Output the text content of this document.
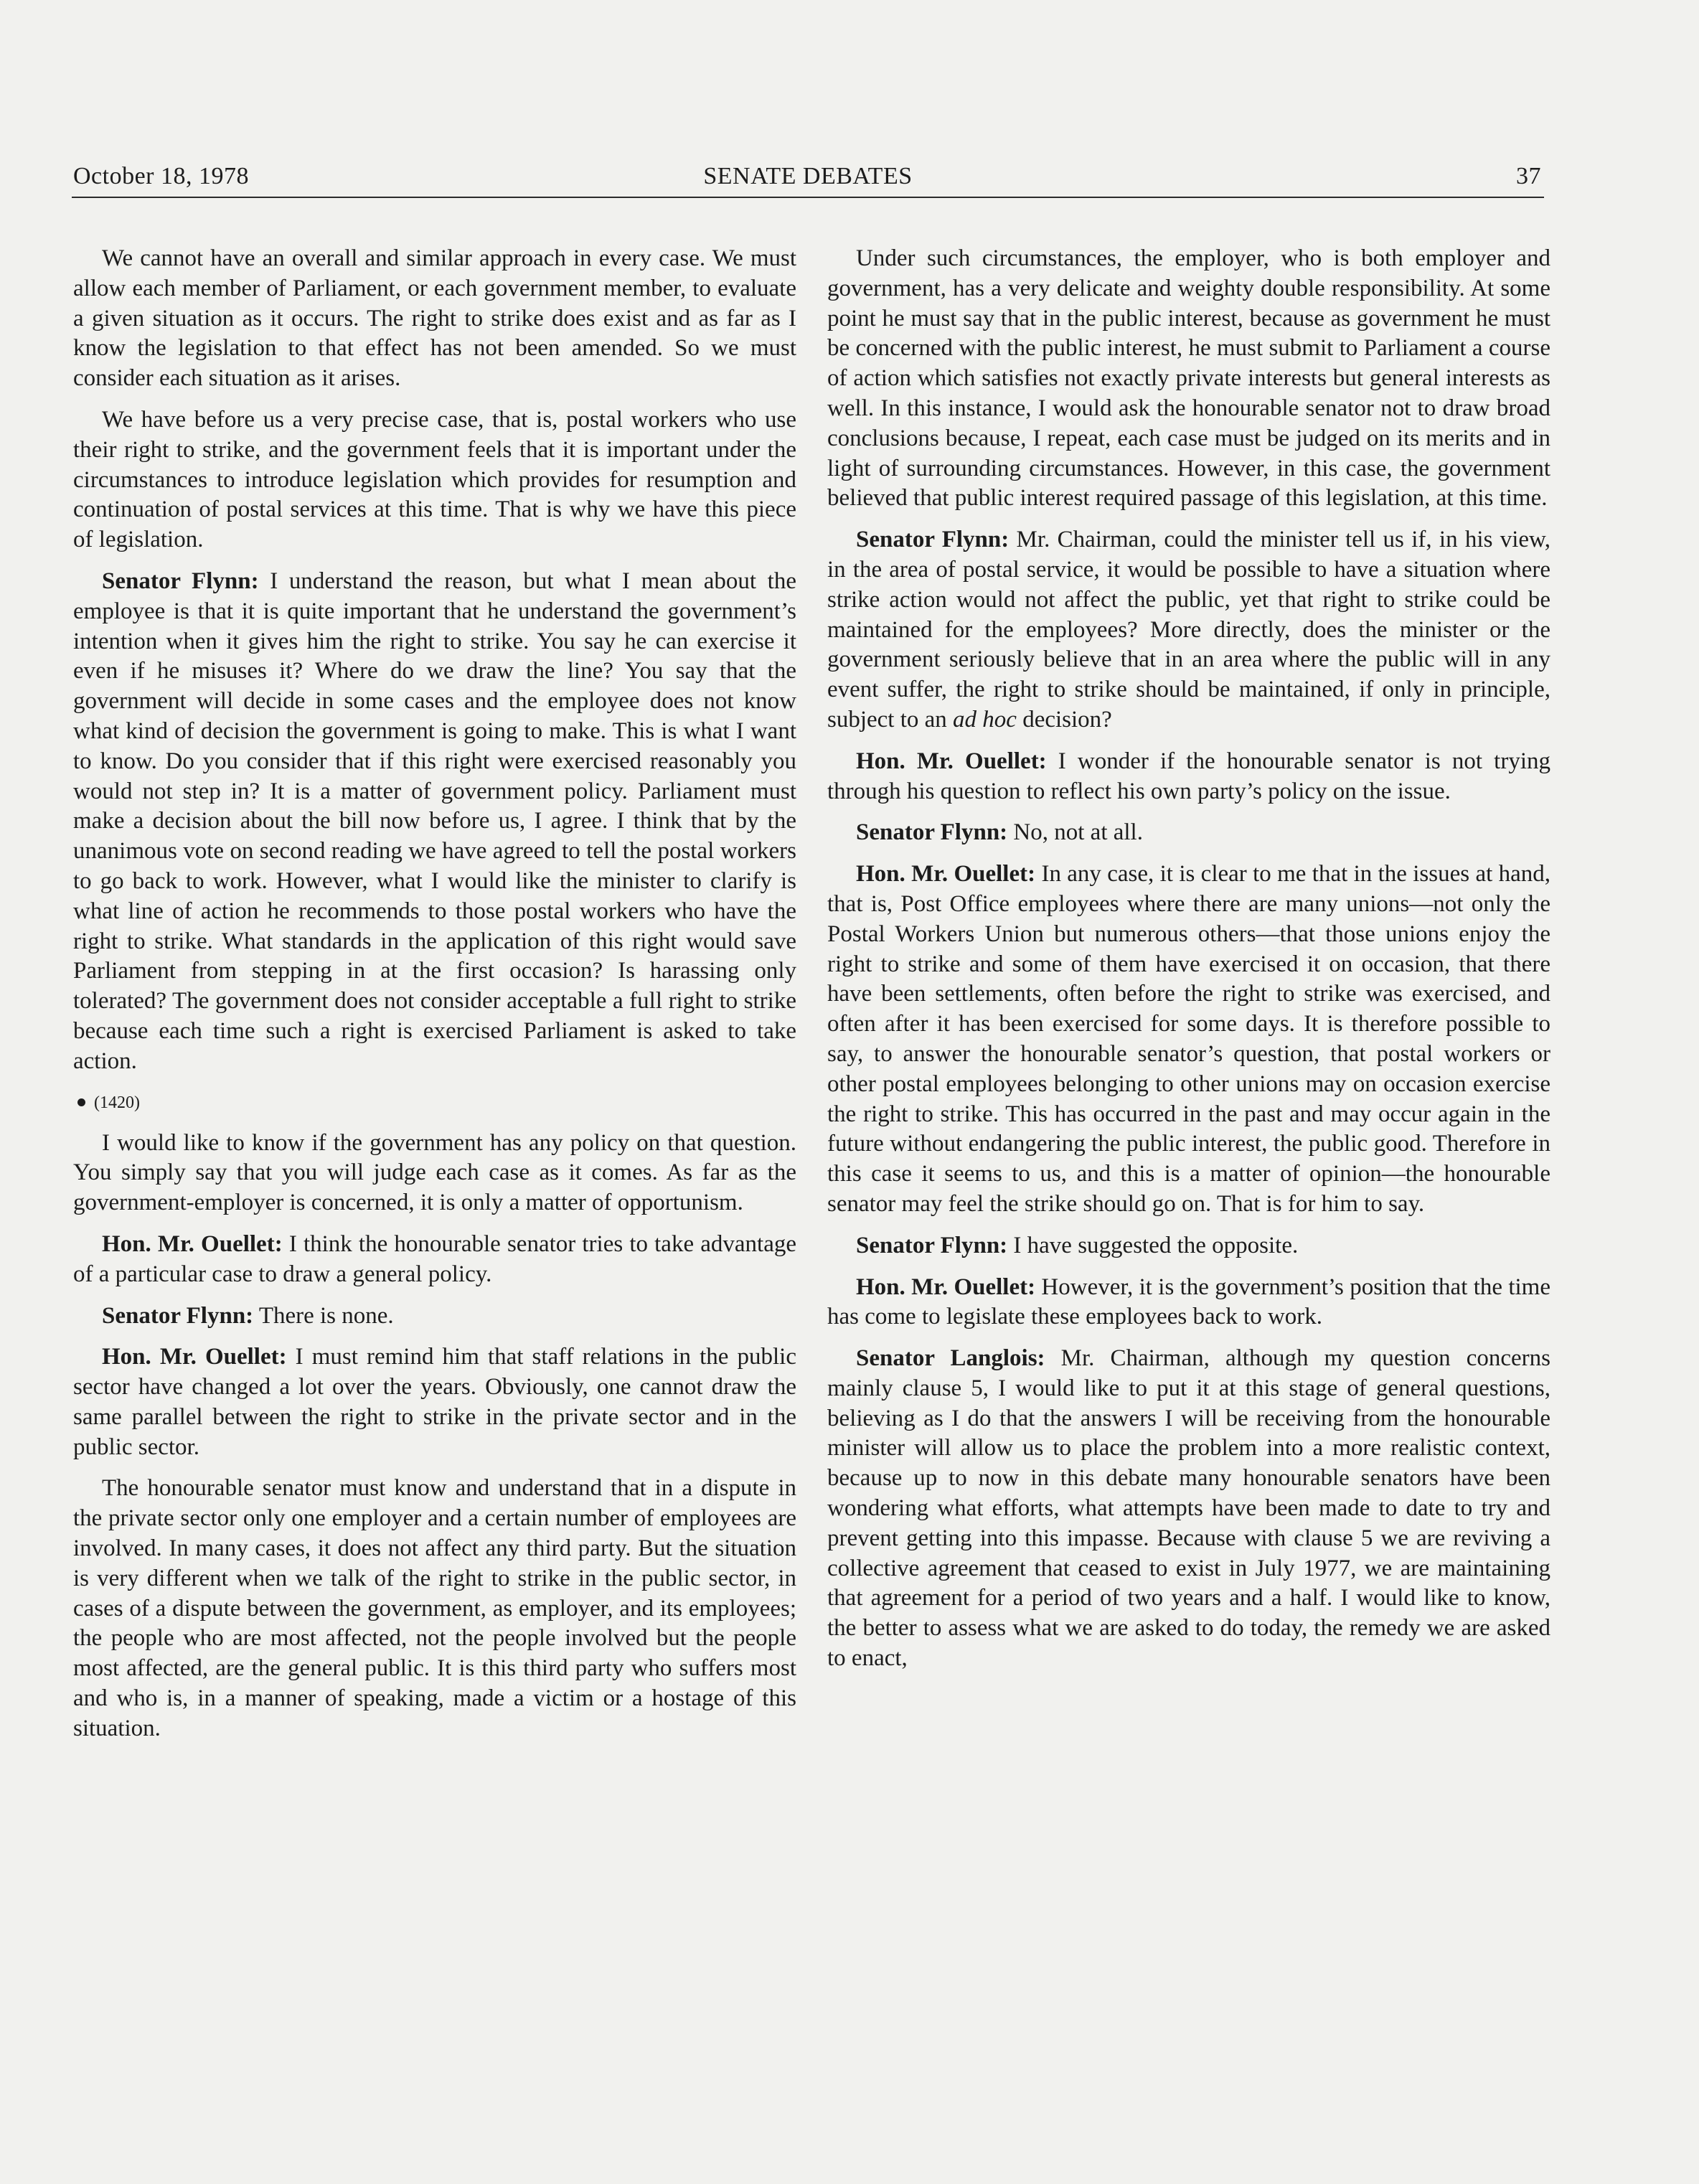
October 18, 1978	SENATE DEBATES	37

We cannot have an overall and similar approach in every case. We must allow each member of Parliament, or each government member, to evaluate a given situation as it occurs. The right to strike does exist and as far as I know the legislation to that effect has not been amended. So we must consider each situation as it arises.

We have before us a very precise case, that is, postal workers who use their right to strike, and the government feels that it is important under the circumstances to introduce legislation which provides for resumption and continuation of postal services at this time. That is why we have this piece of legislation.

Senator Flynn: I understand the reason, but what I mean about the employee is that it is quite important that he understand the government’s intention when it gives him the right to strike. You say he can exercise it even if he misuses it? Where do we draw the line? You say that the government will decide in some cases and the employee does not know what kind of decision the government is going to make. This is what I want to know. Do you consider that if this right were exercised reasonably you would not step in? It is a matter of government policy. Parliament must make a decision about the bill now before us, I agree. I think that by the unanimous vote on second reading we have agreed to tell the postal workers to go back to work. However, what I would like the minister to clarify is what line of action he recommends to those postal workers who have the right to strike. What standards in the application of this right would save Parliament from stepping in at the first occasion? Is harassing only tolerated? The government does not consider acceptable a full right to strike because each time such a right is exercised Parliament is asked to take action.

(1420)

I would like to know if the government has any policy on that question. You simply say that you will judge each case as it comes. As far as the government-employer is concerned, it is only a matter of opportunism.

Hon. Mr. Ouellet: I think the honourable senator tries to take advantage of a particular case to draw a general policy.

Senator Flynn: There is none.

Hon. Mr. Ouellet: I must remind him that staff relations in the public sector have changed a lot over the years. Obviously, one cannot draw the same parallel between the right to strike in the private sector and in the public sector.

The honourable senator must know and understand that in a dispute in the private sector only one employer and a certain number of employees are involved. In many cases, it does not affect any third party. But the situation is very different when we talk of the right to strike in the public sector, in cases of a dispute between the government, as employer, and its employees; the people who are most affected, not the people involved but the people most affected, are the general public. It is this third party who suffers most and who is, in a manner of speaking, made a victim or a hostage of this situation.

Under such circumstances, the employer, who is both employer and government, has a very delicate and weighty double responsibility. At some point he must say that in the public interest, because as government he must be concerned with the public interest, he must submit to Parliament a course of action which satisfies not exactly private interests but general interests as well. In this instance, I would ask the honourable senator not to draw broad conclusions because, I repeat, each case must be judged on its merits and in light of surrounding circumstances. However, in this case, the government believed that public interest required passage of this legislation, at this time.

Senator Flynn: Mr. Chairman, could the minister tell us if, in his view, in the area of postal service, it would be possible to have a situation where strike action would not affect the public, yet that right to strike could be maintained for the employees? More directly, does the minister or the government seriously believe that in an area where the public will in any event suffer, the right to strike should be maintained, if only in principle, subject to an ad hoc decision?

Hon. Mr. Ouellet: I wonder if the honourable senator is not trying through his question to reflect his own party’s policy on the issue.

Senator Flynn: No, not at all.

Hon. Mr. Ouellet: In any case, it is clear to me that in the issues at hand, that is, Post Office employees where there are many unions—not only the Postal Workers Union but numerous others—that those unions enjoy the right to strike and some of them have exercised it on occasion, that there have been settlements, often before the right to strike was exercised, and often after it has been exercised for some days. It is therefore possible to say, to answer the honourable senator’s question, that postal workers or other postal employees belonging to other unions may on occasion exercise the right to strike. This has occurred in the past and may occur again in the future without endangering the public interest, the public good. Therefore in this case it seems to us, and this is a matter of opinion—the honourable senator may feel the strike should go on. That is for him to say.

Senator Flynn: I have suggested the opposite.

Hon. Mr. Ouellet: However, it is the government’s position that the time has come to legislate these employees back to work.

Senator Langlois: Mr. Chairman, although my question concerns mainly clause 5, I would like to put it at this stage of general questions, believing as I do that the answers I will be receiving from the honourable minister will allow us to place the problem into a more realistic context, because up to now in this debate many honourable senators have been wondering what efforts, what attempts have been made to date to try and prevent getting into this impasse. Because with clause 5 we are reviving a collective agreement that ceased to exist in July 1977, we are maintaining that agreement for a period of two years and a half. I would like to know, the better to assess what we are asked to do today, the remedy we are asked to enact,
